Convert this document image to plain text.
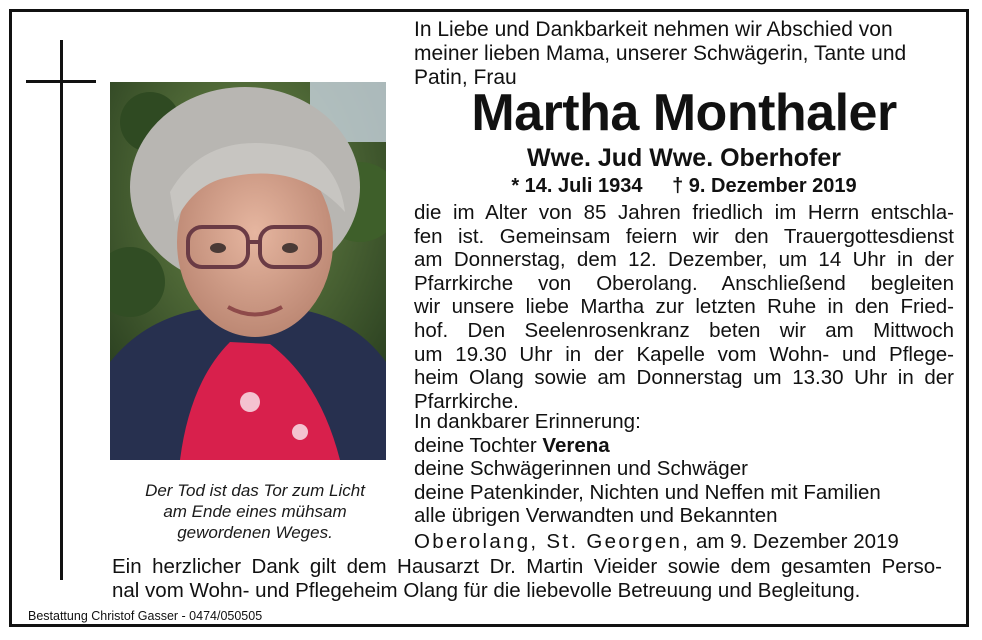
Der Tod ist das Tor zum Licht
am Ende eines mühsam
gewordenen Weges.
In Liebe und Dankbarkeit nehmen wir Abschied von
meiner lieben Mama, unserer Schwägerin, Tante und
Patin, Frau
Martha Monthaler
Wwe. Jud Wwe. Oberhofer
* 14. Juli 1934 † 9. Dezember 2019
die im Alter von 85 Jahren friedlich im Herrn entschla-
fen ist. Gemeinsam feiern wir den Trauergottesdienst
am Donnerstag, dem 12. Dezember, um 14 Uhr in der
Pfarrkirche von Oberolang. Anschließend begleiten
wir unsere liebe Martha zur letzten Ruhe in den Fried-
hof. Den Seelenrosenkranz beten wir am Mittwoch
um 19.30 Uhr in der Kapelle vom Wohn- und Pflege-
heim Olang sowie am Donnerstag um 13.30 Uhr in der
Pfarrkirche.
In dankbarer Erinnerung:
deine Tochter Verena
deine Schwägerinnen und Schwäger
deine Patenkinder, Nichten und Neffen mit Familien
alle übrigen Verwandten und Bekannten
Oberolang, St. Georgen, am 9. Dezember 2019
Ein herzlicher Dank gilt dem Hausarzt Dr. Martin Vieider sowie dem gesamten Perso-
nal vom Wohn- und Pflegeheim Olang für die liebevolle Betreuung und Begleitung.
Bestattung Christof Gasser - 0474/050505
